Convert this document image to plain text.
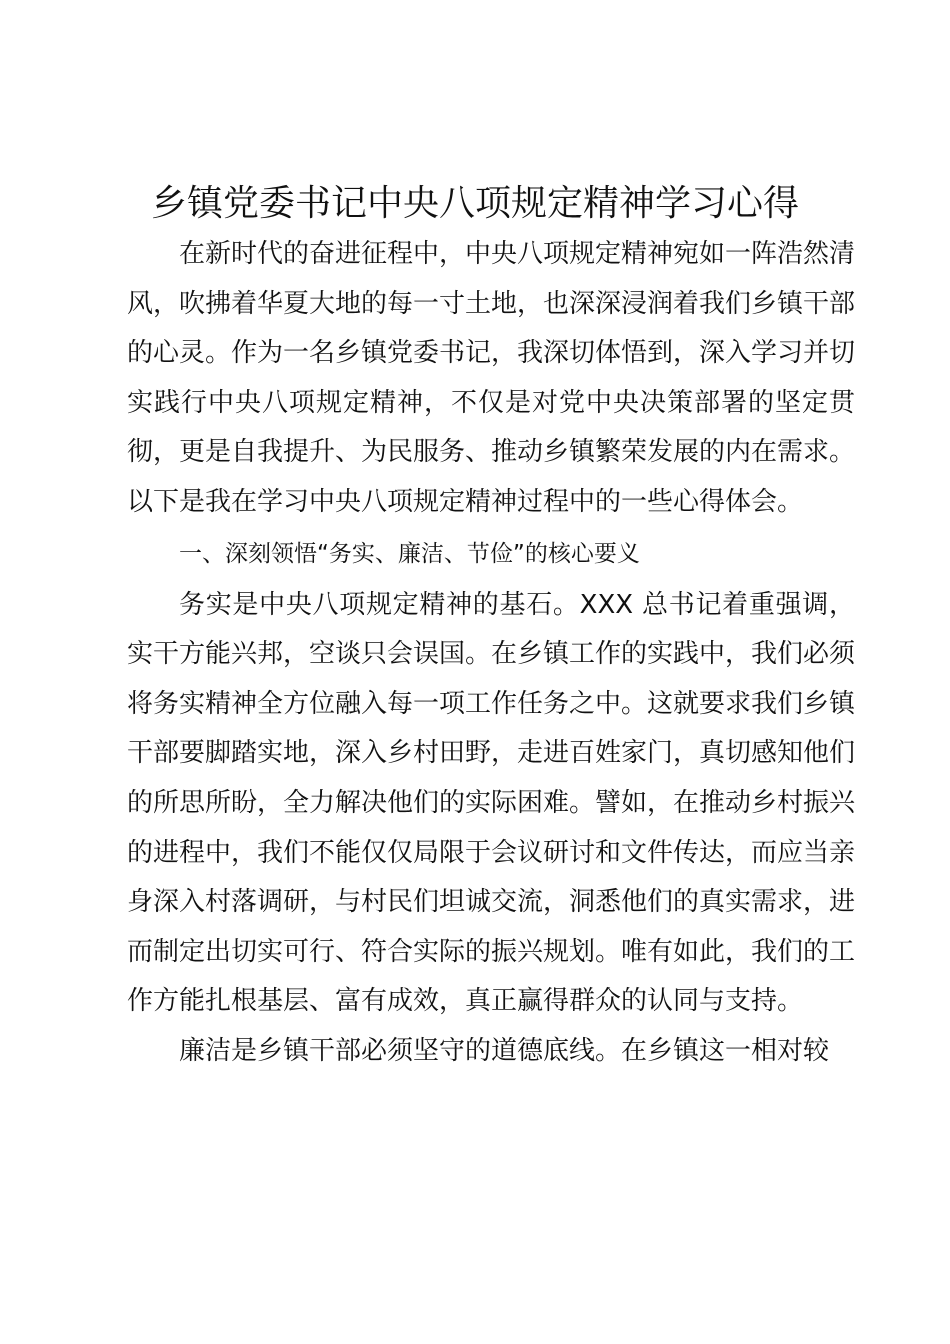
乡镇党委书记中央八项规定精神学习心得

在新时代的奋进征程中，中央八项规定精神宛如一阵浩然清风，吹拂着华夏大地的每一寸土地，也深深浸润着我们乡镇干部的心灵。作为一名乡镇党委书记，我深切体悟到，深入学习并切实践行中央八项规定精神，不仅是对党中央决策部署的坚定贯彻，更是自我提升、为民服务、推动乡镇繁荣发展的内在需求。以下是我在学习中央八项规定精神过程中的一些心得体会。

一、深刻领悟“务实、廉洁、节俭”的核心要义

务实是中央八项规定精神的基石。XXX 总书记着重强调，实干方能兴邦，空谈只会误国。在乡镇工作的实践中，我们必须将务实精神全方位融入每一项工作任务之中。这就要求我们乡镇干部要脚踏实地，深入乡村田野，走进百姓家门，真切感知他们的所思所盼，全力解决他们的实际困难。譬如，在推动乡村振兴的进程中，我们不能仅仅局限于会议研讨和文件传达，而应当亲身深入村落调研，与村民们坦诚交流，洞悉他们的真实需求，进而制定出切实可行、符合实际的振兴规划。唯有如此，我们的工作方能扎根基层、富有成效，真正赢得群众的认同与支持。

廉洁是乡镇干部必须坚守的道德底线。在乡镇这一相对较
